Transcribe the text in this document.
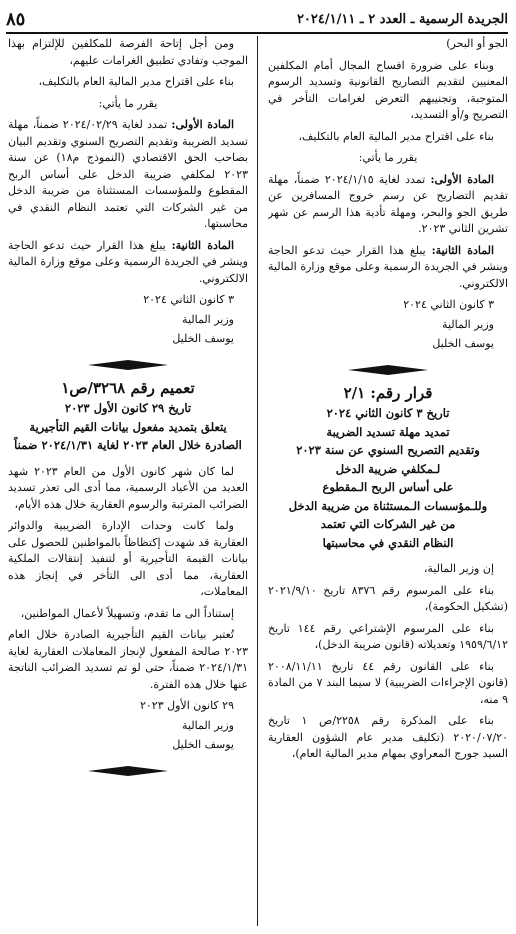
الجريدة الرسمية ـ العدد ٢ ـ ٢٠٢٤/١/١١
٨٥

الجو أو البحر)

وبناء على ضرورة افساح المجال أمام المكلفين المعنيين لتقديم التصاريح القانونية وتسديد الرسوم المتوجبة، وتجنيبهم التعرض لغرامات التأخر في التصريح و/أو التسديد،

بناء على اقتراح مدير المالية العام بالتكليف،

يقرر ما يأتي:

المادة الأولى: تمدد لغاية ٢٠٢٤/١/١٥ ضمناً، مهلة تقديم التصاريح عن رسم خروج المسافرين عن طريق الجو والبحر، ومهلة تأدية هذا الرسم عن شهر تشرين الثاني ٢٠٢٣.

المادة الثانية: يبلغ هذا القرار حيث تدعو الحاجة وينشر في الجريدة الرسمية وعلى موقع وزارة المالية الالكتروني.

٣ كانون الثاني ٢٠٢٤

وزير المالية

يوسف الخليل

قرار رقم: ٢/١

تاريخ ٣ كانون الثاني ٢٠٢٤

تمديد مهلة تسديد الضريبة

وتقديم التصريح السنوي عن سنة ٢٠٢٣

لـمكلفي ضريبة الدخل

على أساس الربح الـمقطوع

وللـمؤسسات الـمستثناة من ضريبة الدخل

من غير الشركات التي تعتمد

النظام النقدي في محاسبتها

إن وزير المالية،

بناء على المرسوم رقم ٨٣٧٦ تاريخ ٢٠٢١/٩/١٠ (تشكيل الحكومة)،

بناء على المرسوم الإشتراعي رقم ١٤٤ تاريخ ١٩٥٩/٦/١٢ وتعديلاته (قانون ضريبة الدخل)،

بناء على القانون رقم ٤٤ تاريخ ٢٠٠٨/١١/١١ (قانون الإجراءات الضريبية) لا سيما البند ٧ من المادة ٩ منه،

بناء على المذكرة رقم ٢٢٥٨/ص ١ تاريخ ٢٠٢٠/٠٧/٢٠ (تكليف مدير عام الشؤون العقارية السيد جورج المعراوي بمهام مدير المالية العام)،

ومن أجل إتاحة الفرصة للمكلفين للإلتزام بهذا الموجب وتفادي تطبيق الغرامات عليهم،

بناء على اقتراح مدير المالية العام بالتكليف،

يقرر ما يأتي:

المادة الأولى: تمدد لغاية ٢٠٢٤/٠٢/٢٩ ضمناً، مهلة تسديد الضريبة وتقديم التصريح السنوي وتقديم البيان بصاحب الحق الاقتصادي (النموذج م١٨) عن سنة ٢٠٢٣ لمكلفي ضريبة الدخل على أساس الربح المقطوع وللمؤسسات المستثناة من ضريبة الدخل من غير الشركات التي تعتمد النظام النقدي في محاسبتها.

المادة الثانية: يبلغ هذا القرار حيث تدعو الحاجة وينشر في الجريدة الرسمية وعلى موقع وزارة المالية الالكتروني.

٣ كانون الثاني ٢٠٢٤

وزير المالية

يوسف الخليل

تعميم رقم ٣٢٦٨/ص١

تاريخ ٢٩ كانون الأول ٢٠٢٣

يتعلق بتمديد مفعول بيانات القيم التأجيرية

الصادرة خلال العام ٢٠٢٣ لغاية ٢٠٢٤/١/٣١ ضمناً

لما كان شهر كانون الأول من العام ٢٠٢٣ شهد العديد من الأعياد الرسمية، مما أدى الى تعذر تسديد الضرائب المترتبة والرسوم العقارية خلال هذه الأيام،

ولما كانت وحدات الإدارة الضريبية والدوائر العقارية قد شهدت إكتظاظاً بالمواطنين للحصول على بيانات القيمة التأجيرية أو لتنفيذ إنتقالات الملكية العقارية، مما أدى الى التأخر في إنجاز هذه المعاملات،

إستناداً الى ما تقدم، وتسهيلاً لأعمال المواطنين،

تُعتبر بيانات القيم التأجيرية الصادرة خلال العام ٢٠٢٣ صالحة المفعول لإنجاز المعاملات العقارية لغاية ٢٠٢٤/١/٣١ ضمناً، حتى لو تم تسديد الضرائب الناتجة عنها خلال هذه الفترة.

٢٩ كانون الأول ٢٠٢٣

وزير المالية

يوسف الخليل
